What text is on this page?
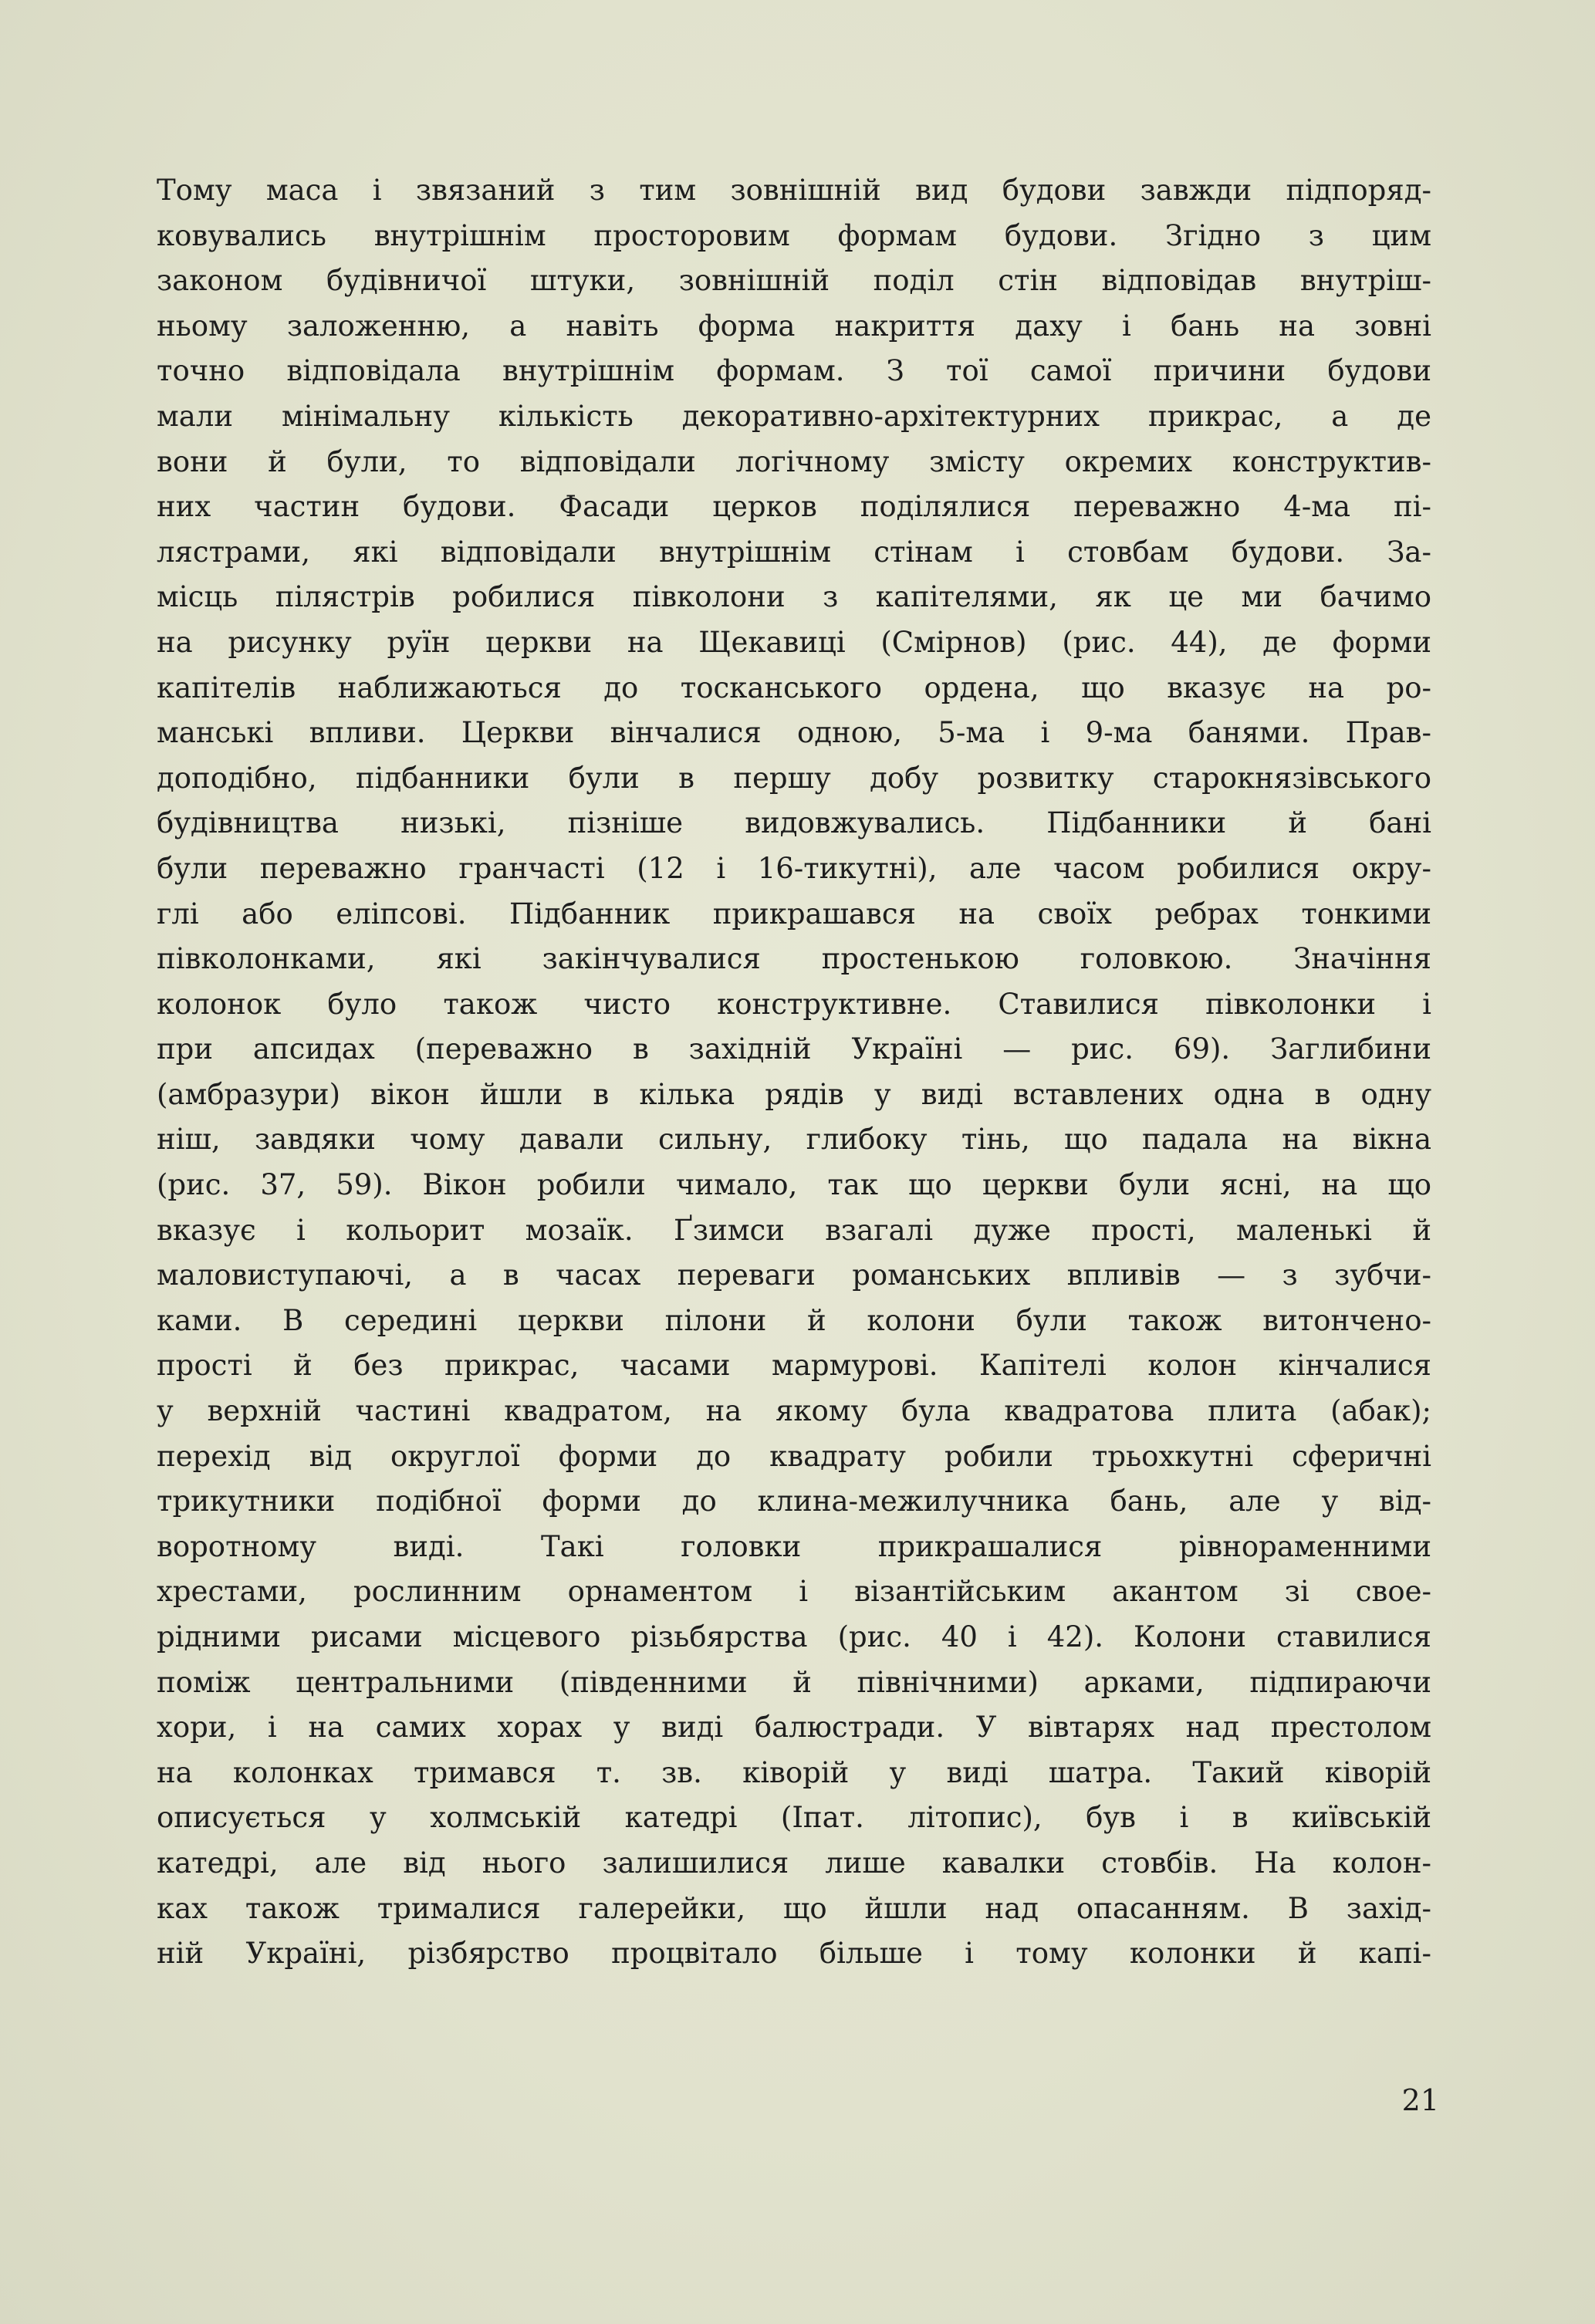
Тому маса і звязаний з тим зовнішній вид будови завжди підпоряд-
ковувались внутрішнім просторовим формам будови. Згідно з цим
законом будівничої штуки, зовнішній поділ стін відповідав внутріш-
ньому заложенню, а навіть форма накриття даху і бань на зовні
точно відповідала внутрішнім формам. З тої самої причини будови
мали мінімальну кількість декоративно-архітектурних прикрас, а де
вони й були, то відповідали логічному змісту окремих конструктив-
них частин будови. Фасади церков поділялися переважно 4-ма пі-
лястрами, які відповідали внутрішнім стінам і стовбам будови. За-
місць пілястрів робилися півколони з капітелями, як це ми бачимо
на рисунку руїн церкви на Щекавиці (Смірнов) (рис. 44), де форми
капітелів наближаються до тосканського ордена, що вказує на ро-
манські впливи. Церкви вінчалися одною, 5-ма і 9-ма банями. Прав-
доподібно, підбанники були в першу добу розвитку старокнязівського
будівництва низькі, пізніше видовжувались. Підбанники й бані
були переважно гранчасті (12 і 16-тикутні), але часом робилися окру-
глі або еліпсові. Підбанник прикрашався на своїх ребрах тонкими
півколонками, які закінчувалися простенькою головкою. Значіння
колонок було також чисто конструктивне. Ставилися півколонки і
при апсидах (переважно в західній Україні — рис. 69). Заглибини
(амбразури) вікон йшли в кілька рядів у виді вставлених одна в одну
ніш, завдяки чому давали сильну, глибоку тінь, що падала на вікна
(рис. 37, 59). Вікон робили чимало, так що церкви були ясні, на що
вказує і кольорит мозаїк. Ґзимси взагалі дуже прості, маленькі й
маловиступаючі, а в часах переваги романських впливів — з зубчи-
ками. В середині церкви пілони й колони були також витончено-
прості й без прикрас, часами мармурові. Капітелі колон кінчалися
у верхній частині квадратом, на якому була квадратова плита (абак);
перехід від округлої форми до квадрату робили трьохкутні сферичні
трикутники подібної форми до клина-межилучника бань, але у від-
воротному виді. Такі головки прикрашалися рівнораменними
хрестами, рослинним орнаментом і візантійським акантом зі свое-
рідними рисами місцевого різьбярства (рис. 40 і 42). Колони ставилися
поміж центральними (південними й північними) арками, підпираючи
хори, і на самих хорах у виді балюстради. У вівтарях над престолом
на колонках тримався т. зв. ківорій у виді шатра. Такий ківорій
описується у холмській катедрі (Іпат. літопис), був і в київській
катедрі, але від нього залишилися лише кавалки стовбів. На колон-
ках також трималися галерейки, що йшли над опасанням. В захід-
ній Україні, різбярство процвітало більше і тому колонки й капі-
21
